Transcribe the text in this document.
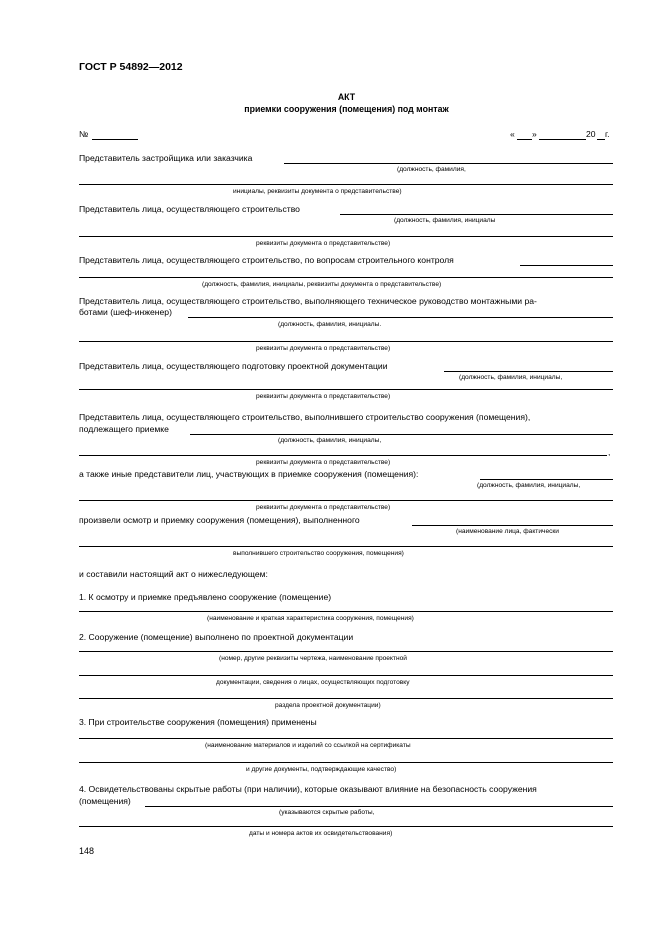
ГОСТ Р 54892—2012
АКТ
приемки сооружения (помещения) под монтаж
№	« »	20 г.
Представитель застройщика или заказчика
(должность, фамилия,
инициалы, реквизиты документа о представительстве)
Представитель лица, осуществляющего строительство
(должность, фамилия, инициалы
реквизиты документа о представительстве)
Представитель лица, осуществляющего строительство, по вопросам строительного контроля
(должность, фамилия, инициалы, реквизиты документа о представительстве)
Представитель лица, осуществляющего строительство, выполняющего техническое руководство монтажными ра-
ботами (шеф-инженер)
(должность, фамилия, инициалы.
реквизиты документа о представительстве)
Представитель лица, осуществляющего подготовку проектной документации
(должность, фамилия, инициалы,
реквизиты документа о представительстве)
Представитель лица, осуществляющего строительство, выполнившего строительство сооружения (помещения),
подлежащего приемке
(должность, фамилия, инициалы,
,
реквизиты документа о представительстве)
а также иные представители лиц, участвующих в приемке сооружения (помещения):
(должность, фамилия, инициалы,
реквизиты документа о представительстве)
произвели осмотр и приемку сооружения (помещения), выполненного
(наименование лица, фактически
выполнившего строительство сооружения, помещения)
и составили настоящий акт о нижеследующем:
1. К осмотру и приемке предъявлено сооружение (помещение)
(наименование и краткая характеристика сооружения, помещения)
2. Сооружение (помещение) выполнено по проектной документации
(номер, другие реквизиты чертежа, наименование проектной
документации, сведения о лицах, осуществляющих подготовку
раздела проектной документации)
3. При строительстве сооружения (помещения) применены
(наименование материалов и изделий со ссылкой на сертификаты
и другие документы, подтверждающие качество)
4. Освидетельствованы скрытые работы (при наличии), которые оказывают влияние на безопасность сооружения
(помещения)
(указываются скрытые работы,
даты и номера актов их освидетельствования)
148
